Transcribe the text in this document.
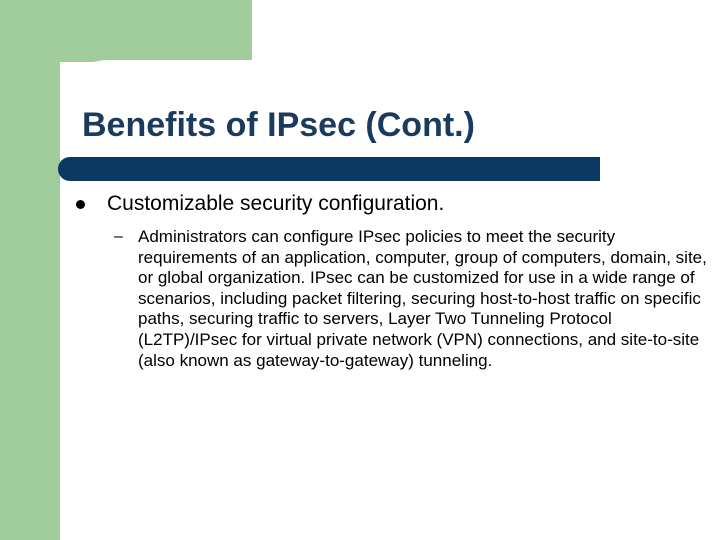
Benefits of IPsec (Cont.)
Customizable security configuration.
– Administrators can configure IPsec policies to meet the security requirements of an application, computer, group of computers, domain, site, or global organization. IPsec can be customized for use in a wide range of scenarios, including packet filtering, securing host-to-host traffic on specific paths, securing traffic to servers, Layer Two Tunneling Protocol (L2TP)/IPsec for virtual private network (VPN) connections, and site-to-site (also known as gateway-to-gateway) tunneling.
